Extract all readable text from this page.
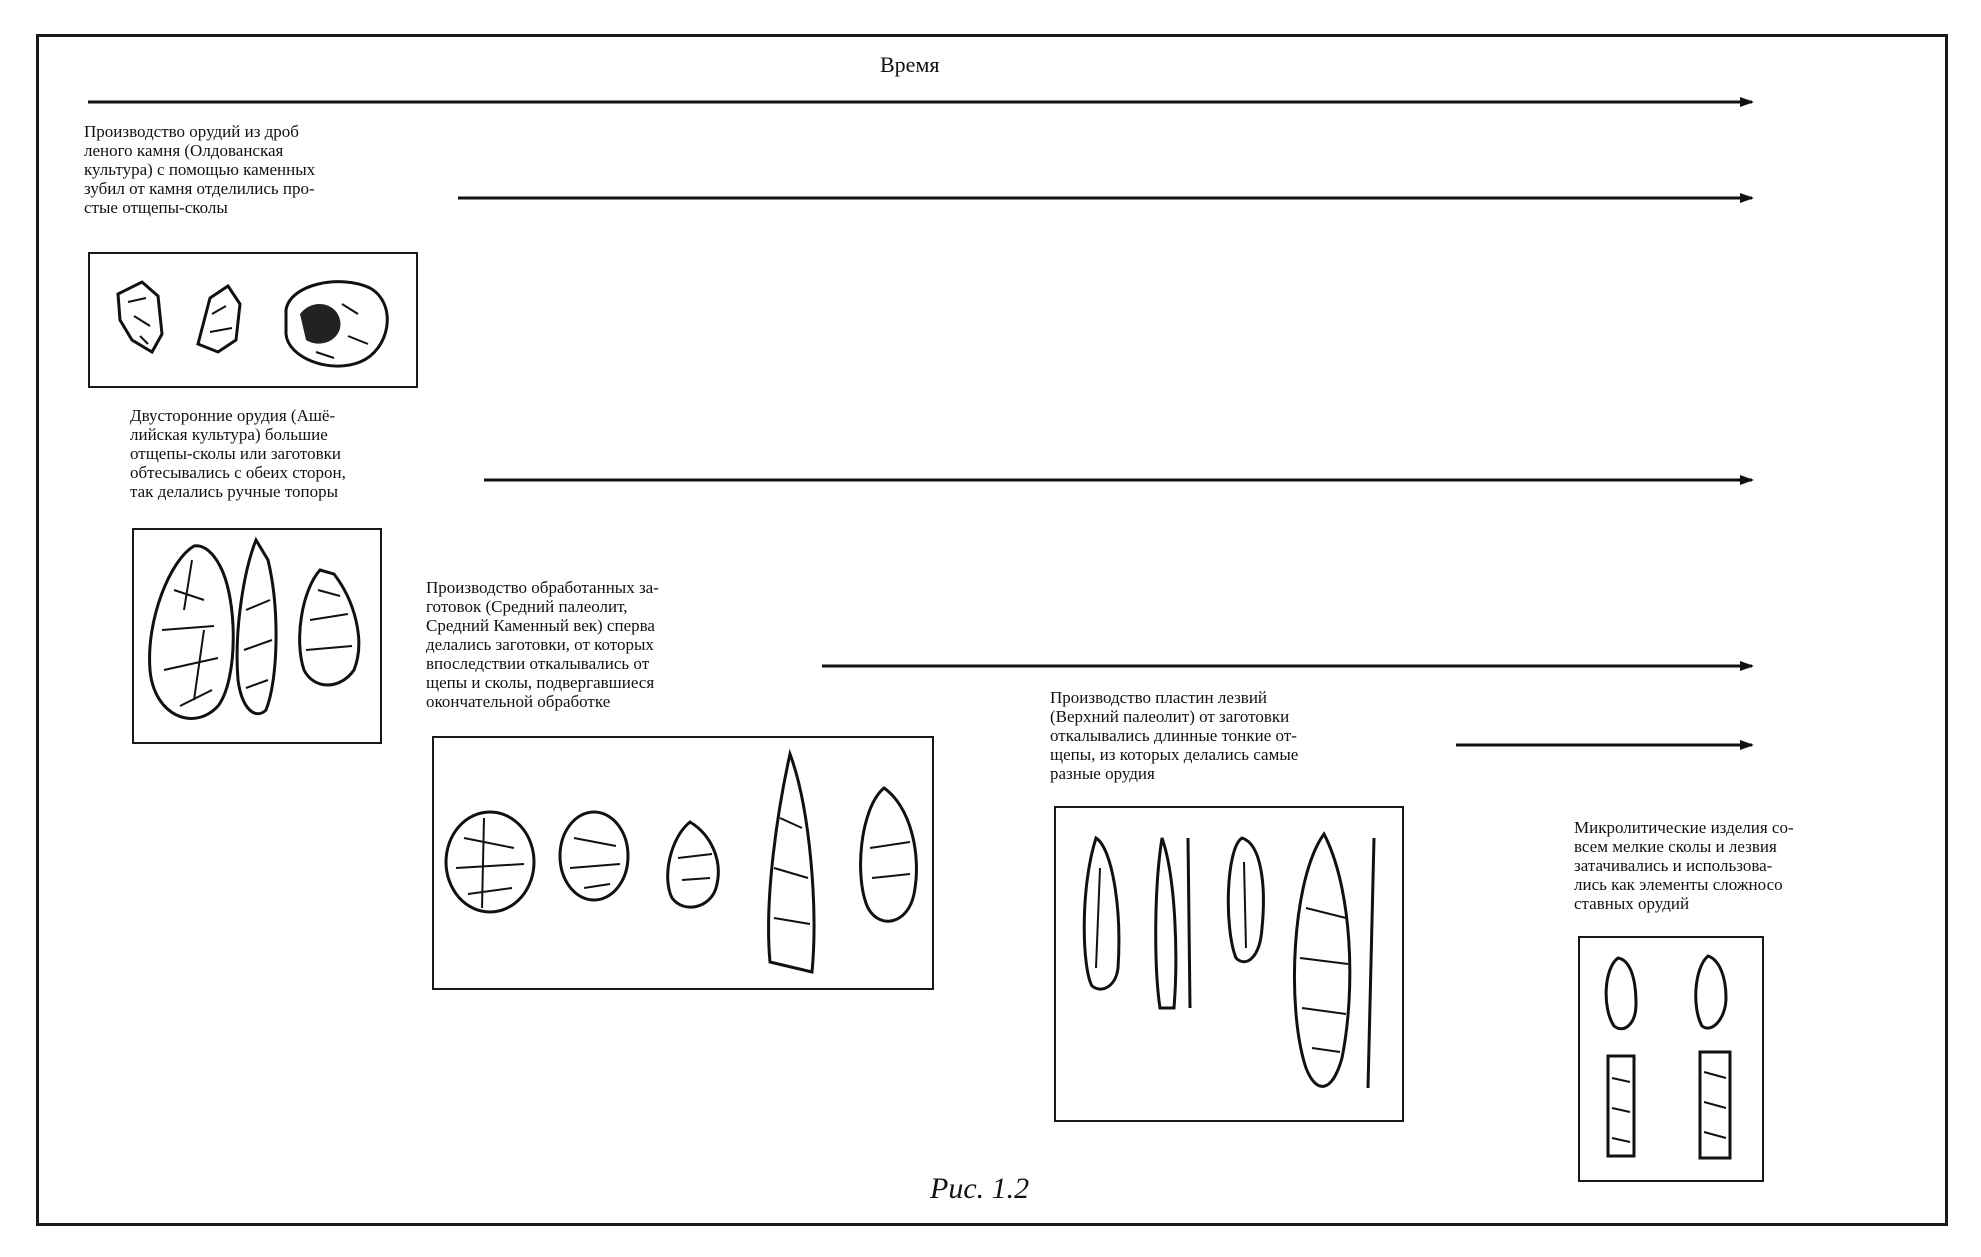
Время
Производство орудий из дроб
леного камня (Олдованская
культура) с помощью каменных
зубил от камня отделились про-
стые отщепы-сколы
Двусторонние орудия (Ашё-
лийская культура) большие
отщепы-сколы или заготовки
обтесывались с обеих сторон,
так делались ручные топоры
Производство обработанных за-
готовок (Средний палеолит,
Средний Каменный век) сперва
делались заготовки, от которых
впоследствии откалывались от
щепы и сколы, подвергавшиеся
окончательной обработке	Производство пластин лезвий
(Верхний палеолит) от заготовки
откалывались длинные тонкие от-
щепы, из которых делались самые
разные орудия
Микролитические изделия со-
всем мелкие сколы и лезвия
затачивались и использова-
лись как элементы сложносо
ставных орудий
Рис. 1.2
